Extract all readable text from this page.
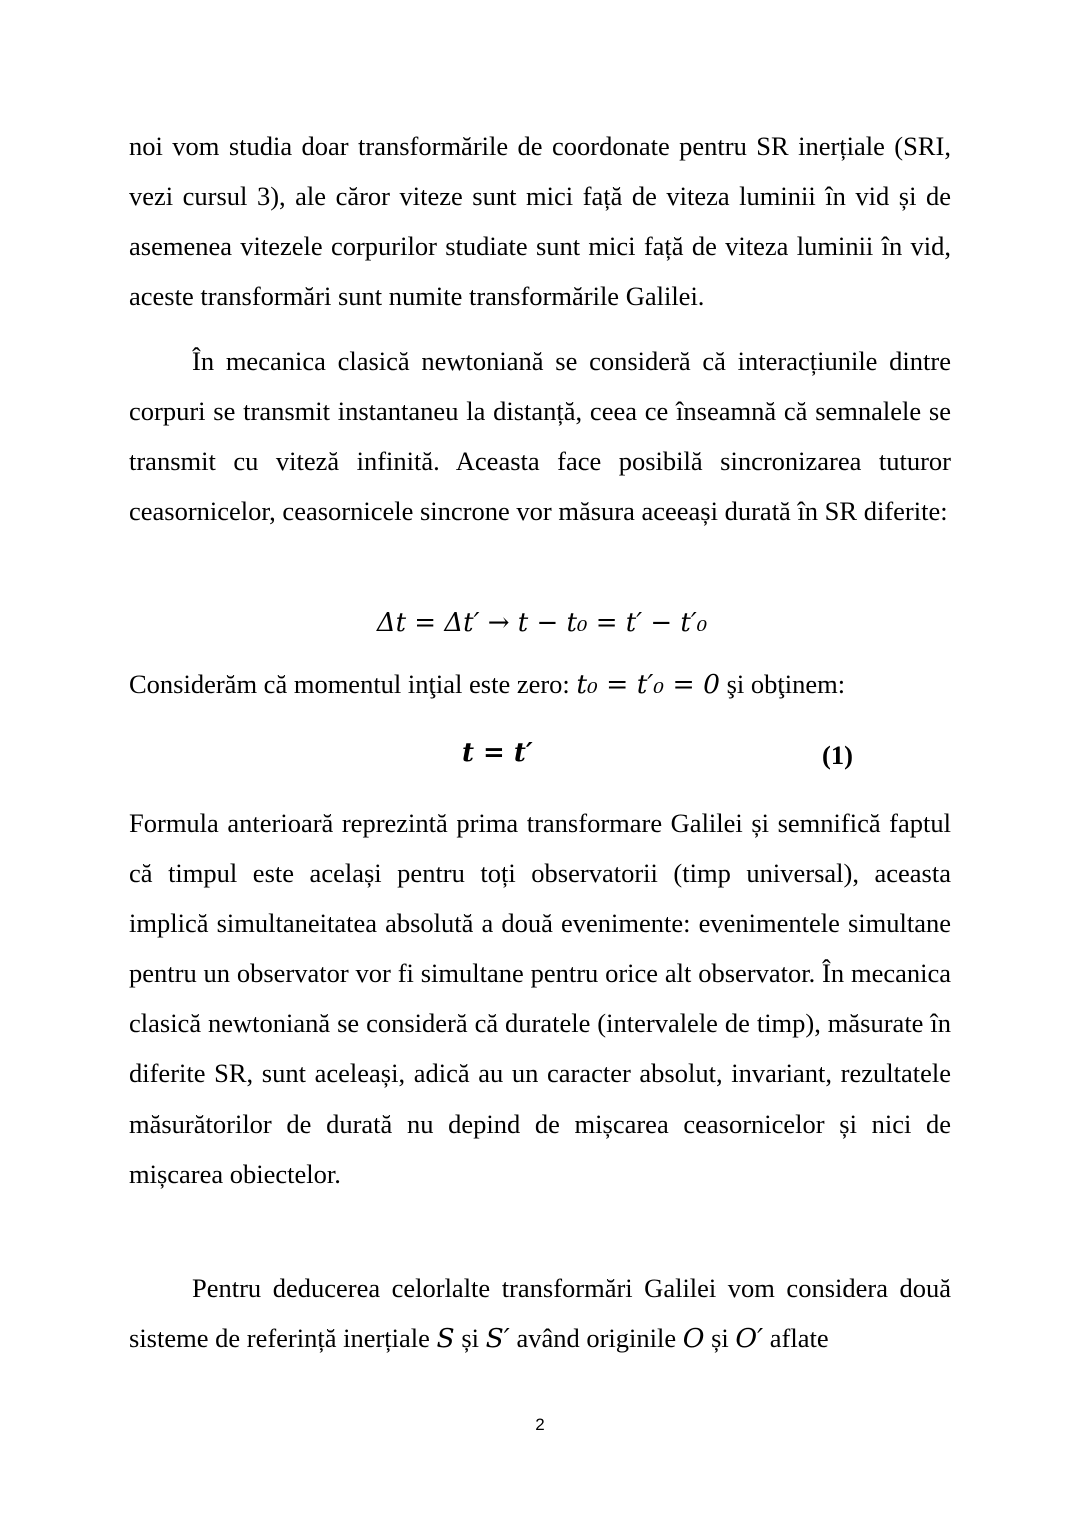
noi vom studia doar transformările de coordonate pentru SR inerțiale (SRI, vezi cursul 3), ale căror viteze sunt mici față de viteza luminii în vid și de asemenea vitezele corpurilor studiate sunt mici față de viteza luminii în vid, aceste transformări sunt numite transformările Galilei.

În mecanica clasică newtoniană se consideră că interacțiunile dintre corpuri se transmit instantaneu la distanță, ceea ce înseamnă că semnalele se transmit cu viteză infinită. Aceasta face posibilă sincronizarea tuturor ceasornicelor, ceasornicele sincrone vor măsura aceeași durată în SR diferite:

Δt = Δt′ → t − t₀ = t′ − t′₀
Considerăm că momentul inţial este zero: t₀ = t′₀ = 0 şi obţinem:
t = t′	(1)

Formula anterioară reprezintă prima transformare Galilei și semnifică faptul că timpul este același pentru toți observatorii (timp universal), aceasta implică simultaneitatea absolută a două evenimente: evenimentele simultane pentru un observator vor fi simultane pentru orice alt observator. În mecanica clasică newtoniană se consideră că duratele (intervalele de timp), măsurate în diferite SR, sunt aceleași, adică au un caracter absolut, invariant, rezultatele măsurătorilor de durată nu depind de mișcarea ceasornicelor și nici de mișcarea obiectelor.

Pentru deducerea celorlalte transformări Galilei vom considera două sisteme de referință inerțiale S și S′ având originile O și O′ aflate

2
